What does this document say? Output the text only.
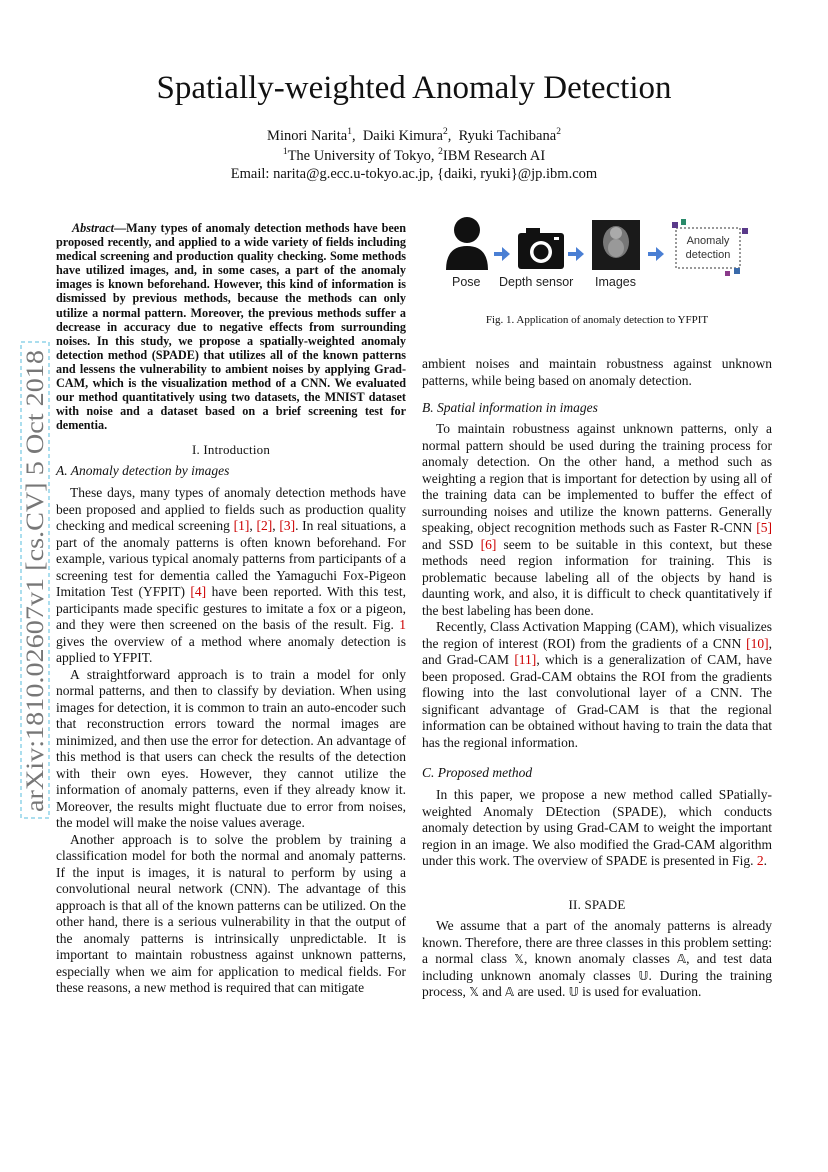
arXiv:1810.02607v1 [cs.CV] 5 Oct 2018
Spatially-weighted Anomaly Detection
Minori Narita$^1$,  Daiki Kimura$^2$,  Ryuki Tachibana$^2$
$^1$The University of Tokyo, $^2$IBM Research AI
Email: narita@g.ecc.u-tokyo.ac.jp, {daiki, ryuki}@jp.ibm.com

Abstract—Many types of anomaly detection methods have been proposed recently, and applied to a wide variety of fields including medical screening and production quality checking. Some methods have utilized images, and, in some cases, a part of the anomaly images is known beforehand. However, this kind of information is dismissed by previous methods, because the methods can only utilize a normal pattern. Moreover, the previous methods suffer a decrease in accuracy due to negative effects from surrounding noises. In this study, we propose a spatially-weighted anomaly detection method (SPADE) that utilizes all of the known patterns and lessens the vulnerability to ambient noises by applying Grad-CAM, which is the visualization method of a CNN. We evaluated our method quantitatively using two datasets, the MNIST dataset with noise and a dataset based on a brief screening test for dementia.

I. Introduction

A. Anomaly detection by images

These days, many types of anomaly detection methods have been proposed and applied to fields such as production quality checking and medical screening [1], [2], [3]. In real situations, a part of the anomaly patterns is often known beforehand. For example, various typical anomaly patterns from participants of a screening test for dementia called the Yamaguchi Fox-Pigeon Imitation Test (YFPIT) [4] have been reported. With this test, participants made specific gestures to imitate a fox or a pigeon, and they were then screened on the basis of the result. Fig. 1 gives the overview of a method where anomaly detection is applied to YFPIT.

A straightforward approach is to train a model for only normal patterns, and then to classify by deviation. When using images for detection, it is common to train an auto-encoder such that reconstruction errors toward the normal images are minimized, and then use the error for detection. An advantage of this method is that users can check the results of the detection with their own eyes. However, they cannot utilize the information of anomaly patterns, even if they already know it. Moreover, the results might fluctuate due to error from noises, the model will make the noise values average.

Another approach is to solve the problem by training a classification model for both the normal and anomaly patterns. If the input is images, it is natural to perform by using a convolutional neural network (CNN). The advantage of this approach is that all of the known patterns can be utilized. On the other hand, there is a serious vulnerability in that the output of the anomaly patterns is intrinsically unpredictable. It is important to maintain robustness against unknown patterns, especially when we aim for application to medical fields. For these reasons, a new method is required that can mitigate

Anomaly
detection
Pose Depth sensor Images
Fig. 1. Application of anomaly detection to YFPIT

ambient noises and maintain robustness against unknown patterns, while being based on anomaly detection.

B. Spatial information in images

To maintain robustness against unknown patterns, only a normal pattern should be used during the training process for anomaly detection. On the other hand, a method such as weighting a region that is important for detection by using all of the training data can be implemented to buffer the effect of surrounding noises and utilize the known patterns. Generally speaking, object recognition methods such as Faster R-CNN [5] and SSD [6] seem to be suitable in this context, but these methods need region information for training. This is problematic because labeling all of the objects by hand is daunting work, and also, it is difficult to check quantitatively if the best labeling has been done.

Recently, Class Activation Mapping (CAM), which visualizes the region of interest (ROI) from the gradients of a CNN [10], and Grad-CAM [11], which is a generalization of CAM, have been proposed. Grad-CAM obtains the ROI from the gradients flowing into the last convolutional layer of a CNN. The significant advantage of Grad-CAM is that the regional information can be obtained without having to train the data that has the regional information.

C. Proposed method

In this paper, we propose a new method called SPatially-weighted Anomaly DEtection (SPADE), which conducts anomaly detection by using Grad-CAM to weight the important region in an image. We also modified the Grad-CAM algorithm under this work. The overview of SPADE is presented in Fig. 2.

II. SPADE

We assume that a part of the anomaly patterns is already known. Therefore, there are three classes in this problem setting: a normal class 𝕏, known anomaly classes 𝔸, and test data including unknown anomaly classes 𝕌. During the training process, 𝕏 and 𝔸 are used. 𝕌 is used for evaluation.
